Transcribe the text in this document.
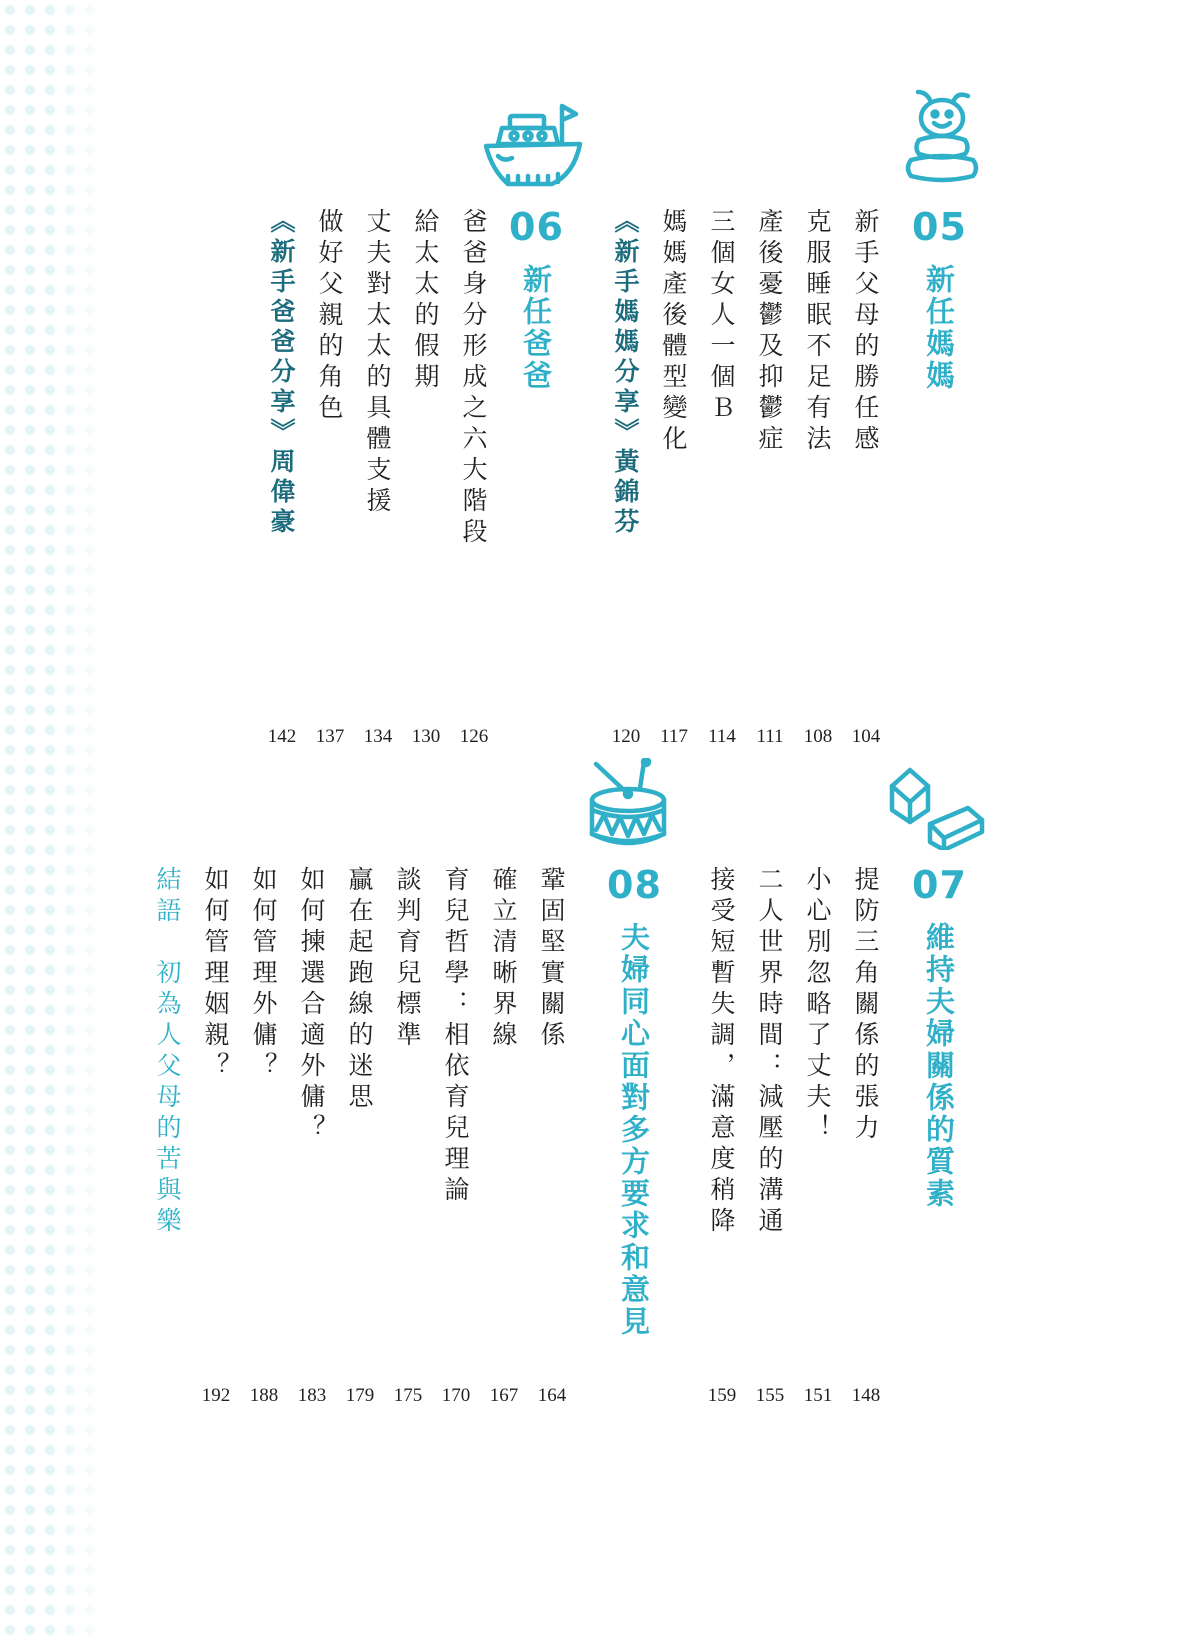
05
新任媽媽
新手父母的勝任感
克服睡眠不足有法
產後憂鬱及抑鬱症
三個女人一個Ｂ
媽媽產後體型變化
《新手媽媽分享》黃錦芬
104
108
111
114
117
120
06
新任爸爸
爸爸身分形成之六大階段
給太太的假期
丈夫對太太的具體支援
做好父親的角色
《新手爸爸分享》周偉豪
126
130
134
137
142
07
維持夫婦關係的質素
提防三角關係的張力
小心別忽略了丈夫！
二人世界時間：減壓的溝通
接受短暫失調，滿意度稍降
148
151
155
159
08
夫婦同心面對多方要求和意見
鞏固堅實關係
確立清晰界線
育兒哲學：相依育兒理論
談判育兒標準
贏在起跑線的迷思
如何揀選合適外傭？
如何管理外傭？
如何管理姻親？
結語　初為人父母的苦與樂
164
167
170
175
179
183
188
192
